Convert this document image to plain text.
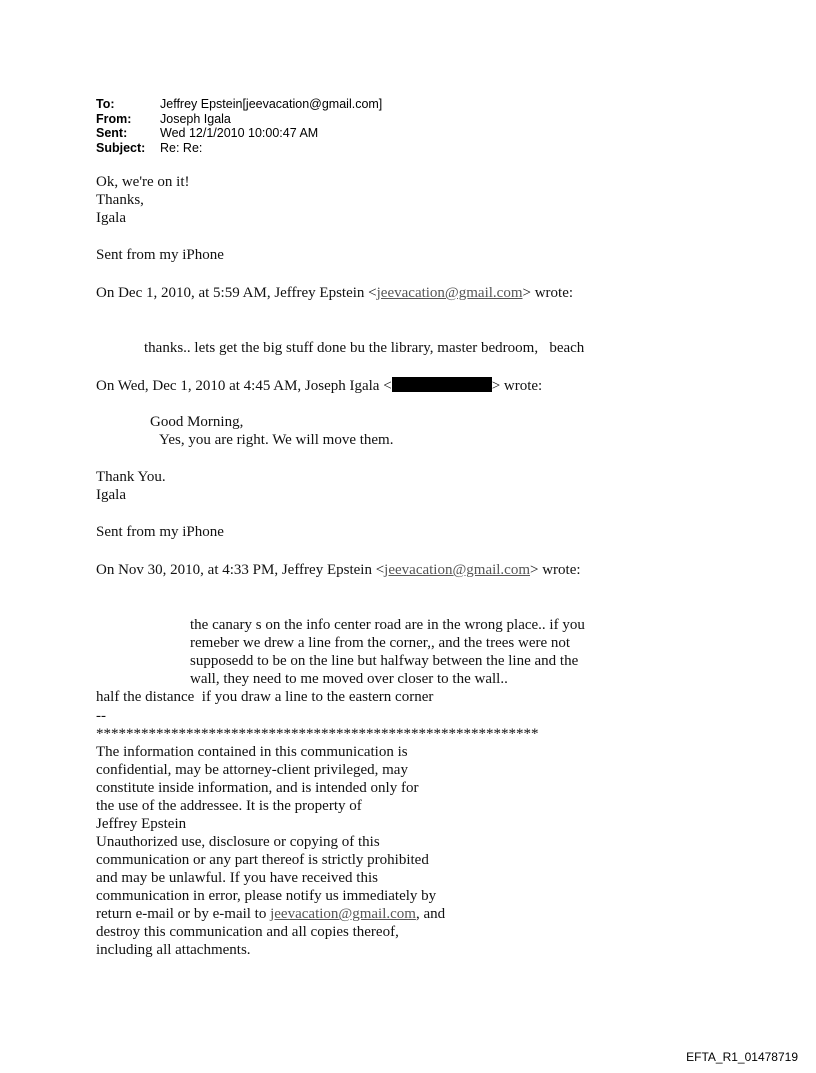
To:	Jeffrey Epstein[jeevacation@gmail.com]
From:	Joseph Igala
Sent:	Wed 12/1/2010 10:00:47 AM
Subject:	Re: Re:
Ok, we're on it!
Thanks,
Igala
Sent from my iPhone
On Dec 1, 2010, at 5:59 AM, Jeffrey Epstein <jeevacation@gmail.com> wrote:
thanks.. lets get the big stuff done bu the library, master bedroom,   beach
On Wed, Dec 1, 2010 at 4:45 AM, Joseph Igala <	> wrote:
Good Morning,
Yes, you are right. We will move them.
Thank You.
Igala
Sent from my iPhone
On Nov 30, 2010, at 4:33 PM, Jeffrey Epstein <jeevacation@gmail.com> wrote:
the canary s on the info center road are in the wrong place.. if you
remeber we drew a line from the corner,, and the trees were not
supposedd to be on the line but halfway between the line and the
wall, they need to me moved over closer to the wall..
half the distance  if you draw a line to the eastern corner
--
***********************************************************
The information contained in this communication is
confidential, may be attorney-client privileged, may
constitute inside information, and is intended only for
the use of the addressee. It is the property of
Jeffrey Epstein
Unauthorized use, disclosure or copying of this
communication or any part thereof is strictly prohibited
and may be unlawful. If you have received this
communication in error, please notify us immediately by
return e-mail or by e-mail to jeevacation@gmail.com, and
destroy this communication and all copies thereof,
including all attachments.
EFTA_R1_01478719
